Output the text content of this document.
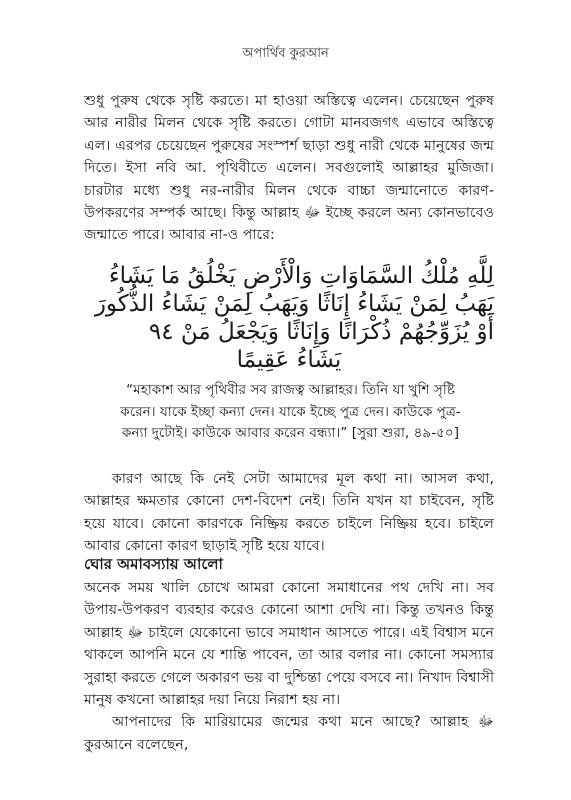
অপার্থিব কুরআন
শুধু পুরুষ থেকে সৃষ্টি করতে। মা হাওয়া অস্তিত্বে এলেন। চেয়েছেন পুরুষ আর নারীর মিলন থেকে সৃষ্টি করতে। গোটা মানবজগৎ এভাবে অস্তিত্বে এল। এরপর চেয়েছেন পুরুষের সংস্পর্শ ছাড়া শুধু নারী থেকে মানুষের জন্ম দিতে। ইসা নবি আ. পৃথিবীতে এলেন। সবগুলোই আল্লাহর মুজিজা। চারটার মধ্যে শুধু নর-নারীর মিলন থেকে বাচ্চা জন্মানোতে কারণ-উপকরণের সম্পর্ক আছে। কিন্তু আল্লাহ ﷻ ইচ্ছে করলে অন্য কোনভাবেও জন্মাতে পারে। আবার না-ও পারে:
لِلَّهِ مُلْكُ السَّمَاوَاتِ وَالْأَرْضِ يَخْلُقُ مَا يَشَاءُ
يَهَبُ لِمَنْ يَشَاءُ إِنَاثًا وَيَهَبُ لِمَنْ يَشَاءُ الذُّكُورَ
أَوْ يُزَوِّجُهُمْ ذُكْرَانًا وَإِنَاثًا وَيَجْعَلُ مَنْ ٩٤
يَشَاءُ عَقِيمًا
“মহাকাশ আর পৃথিবীর সব রাজত্ব আল্লাহর। তিনি যা খুশি সৃষ্টি করেন। যাকে ইচ্ছা কন্যা দেন। যাকে ইচ্ছে পুত্র দেন। কাউকে পুত্র-কন্যা দুটোই। কাউকে আবার করেন বন্ধ্যা।” [সুরা শুরা, ৪৯-৫০]
কারণ আছে কি নেই সেটা আমাদের মূল কথা না। আসল কথা, আল্লাহর ক্ষমতার কোনো দেশ-বিদেশ নেই। তিনি যখন যা চাইবেন, সৃষ্টি হয়ে যাবে। কোনো কারণকে নিষ্ক্রিয় করতে চাইলে নিষ্ক্রিয় হবে। চাইলে আবার কোনো কারণ ছাড়াই সৃষ্টি হয়ে যাবে।
ঘোর অমাবস্যায় আলো
অনেক সময় খালি চোখে আমরা কোনো সমাধানের পথ দেখি না। সব উপায়-উপকরণ ব্যবহার করেও কোনো আশা দেখি না। কিন্তু তখনও কিন্তু আল্লাহ ﷻ চাইলে যেকোনো ভাবে সমাধান আসতে পারে। এই বিশ্বাস মনে থাকলে আপনি মনে যে শান্তি পাবেন, তা আর বলার না। কোনো সমস্যার সুরাহা করতে গেলে অকারণ ভয় বা দুশ্চিন্তা পেয়ে বসবে না। নিখাদ বিশ্বাসী মানুষ কখনো আল্লাহর দয়া নিয়ে নিরাশ হয় না।
আপনাদের কি মারিয়ামের জন্মের কথা মনে আছে? আল্লাহ ﷻ কুরআনে বলেছেন,
